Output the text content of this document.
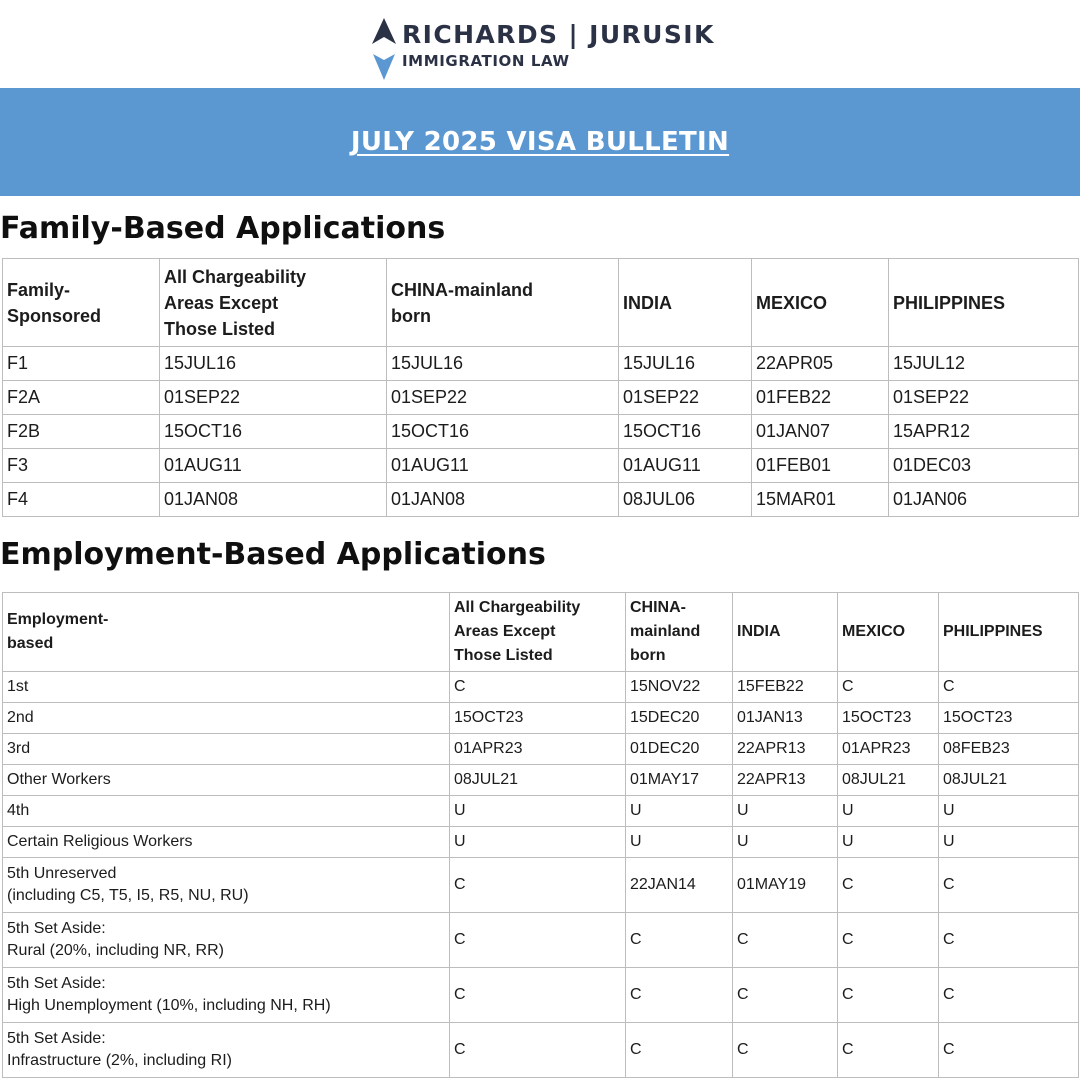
RICHARDS | JURUSIK
IMMIGRATION LAW
JULY 2025 VISA BULLETIN
Family-Based Applications
Family-
Sponsored	All Chargeability
Areas Except
Those Listed	CHINA-mainland
born	INDIA	MEXICO	PHILIPPINES
F1	15JUL16	15JUL16	15JUL16	22APR05	15JUL12
F2A	01SEP22	01SEP22	01SEP22	01FEB22	01SEP22
F2B	15OCT16	15OCT16	15OCT16	01JAN07	15APR12
F3	01AUG11	01AUG11	01AUG11	01FEB01	01DEC03
F4	01JAN08	01JAN08	08JUL06	15MAR01	01JAN06
Employment-Based Applications
Employment-
based	All Chargeability
Areas Except
Those Listed	CHINA-
mainland
born	INDIA	MEXICO	PHILIPPINES
1st	C	15NOV22	15FEB22	C	C
2nd	15OCT23	15DEC20	01JAN13	15OCT23	15OCT23
3rd	01APR23	01DEC20	22APR13	01APR23	08FEB23
Other Workers	08JUL21	01MAY17	22APR13	08JUL21	08JUL21
4th	U	U	U	U	U
Certain Religious Workers	U	U	U	U	U
5th Unreserved
(including C5, T5, I5, R5, NU, RU)	C	22JAN14	01MAY19	C	C
5th Set Aside:
Rural (20%, including NR, RR)	C	C	C	C	C
5th Set Aside:
High Unemployment (10%, including NH, RH)	C	C	C	C	C
5th Set Aside:
Infrastructure (2%, including RI)	C	C	C	C	C
